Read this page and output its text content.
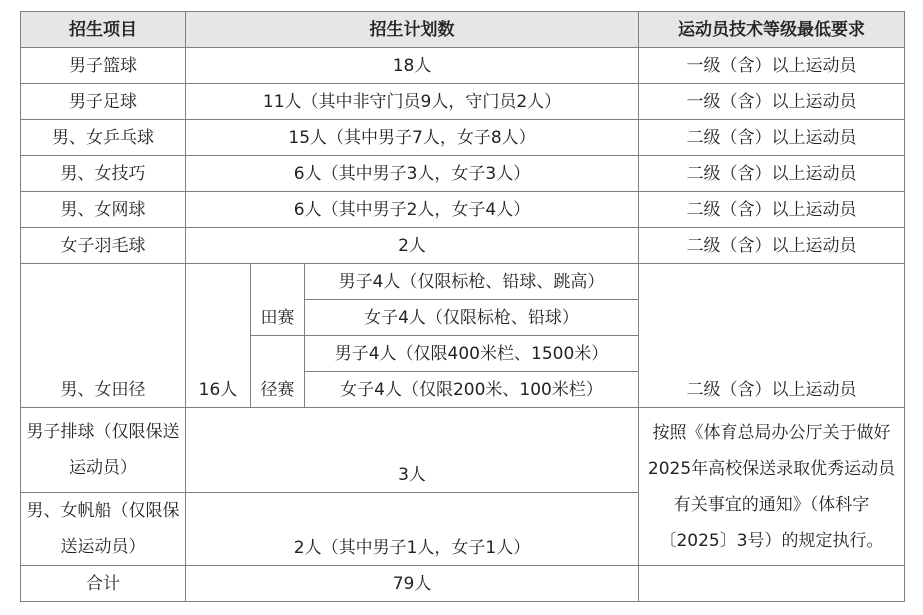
招生项目	招生计划数			运动员技术等级最低要求
男子篮球	18人			一级（含）以上运动员
男子足球	11人（其中非守门员9人，守门员2人）			一级（含）以上运动员
男、女乒乓球	15人（其中男子7人，女子8人）			二级（含）以上运动员
男、女技巧	6人（其中男子3人，女子3人）			二级（含）以上运动员
男、女网球	6人（其中男子2人，女子4人）			二级（含）以上运动员
女子羽毛球	2人			二级（含）以上运动员
男、女田径	16人	田赛	男子4人（仅限标枪、铅球、跳高）	二级（含）以上运动员
			女子4人（仅限标枪、铅球）	
		径赛	男子4人（仅限400米栏、1500米）	
			女子4人（仅限200米、100米栏）	
男子排球（仅限保送运动员）	3人			按照《体育总局办公厅关于做好2025年高校保送录取优秀运动员有关事宜的通知》（体科字〔2025〕3号）的规定执行。
男、女帆船（仅限保送运动员）	2人（其中男子1人，女子1人）			
合计	79人			
